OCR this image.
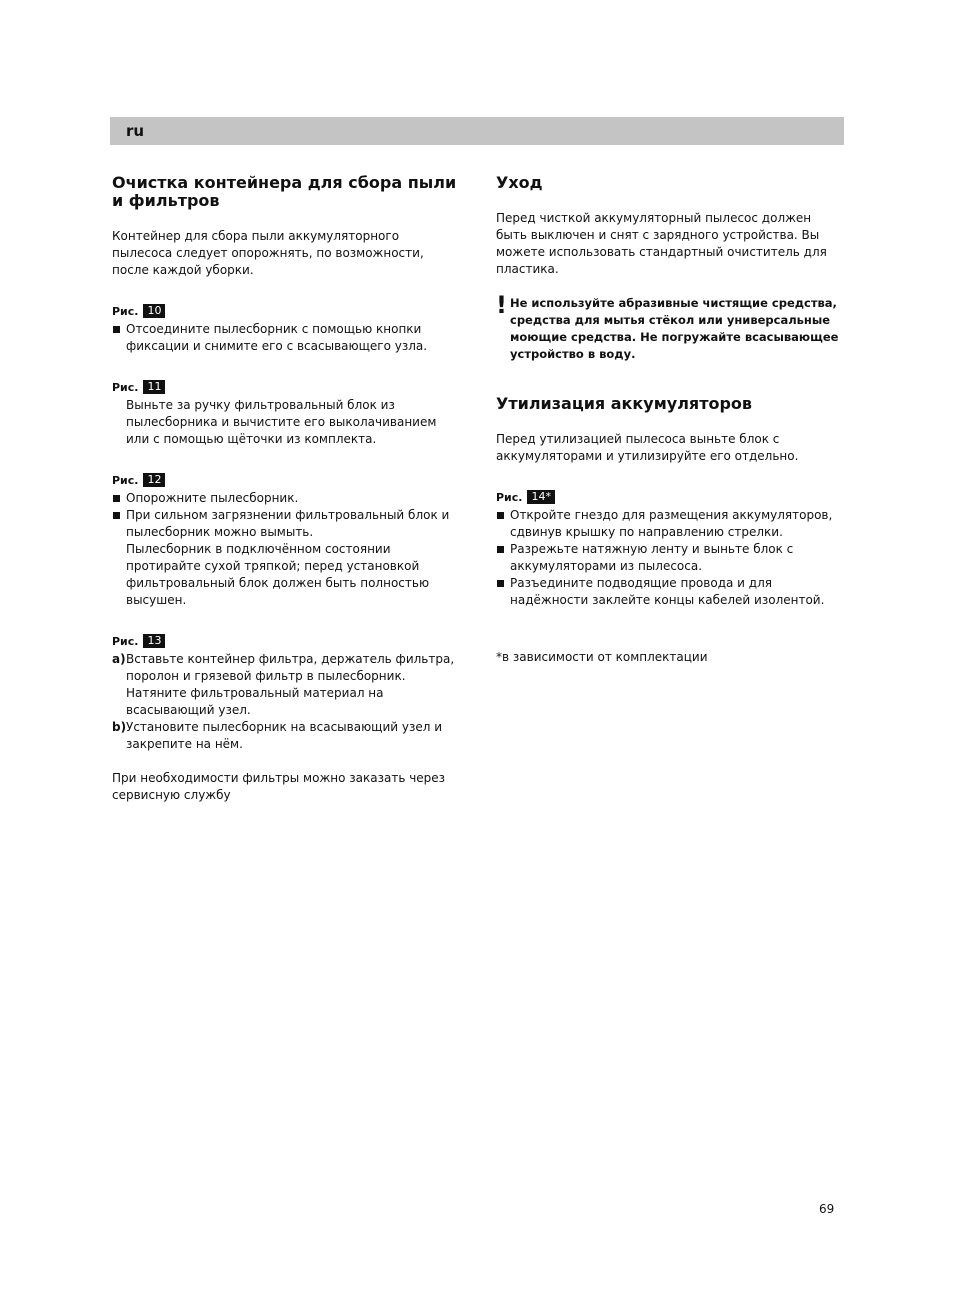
ru
Очистка контейнера для сбора пыли и фильтров

Контейнер для сбора пыли аккумуляторного пылесоса следует опорожнять, по возможности, после каждой уборки.

Рис. 10
Отсоедините пылесборник с помощью кнопки фиксации и снимите его с всасывающего узла.
Рис. 11

Выньте за ручку фильтровальный блок из пылесборника и вычистите его выколачиванием или с помощью щёточки из комплекта.

Рис. 12
Опорожните пылесборник.
При сильном загрязнении фильтровальный блок и пылесборник можно вымыть.
Пылесборник в подключённом состоянии протирайте сухой тряпкой; перед установкой фильтровальный блок должен быть полностью высушен.
Рис. 13
a) Вставьте контейнер фильтра, держатель фильтра, поролон и грязевой фильтр в пылесборник. Натяните фильтровальный материал на всасывающий узел.
b) Установите пылесборник на всасывающий узел и закрепите на нём.

При необходимости фильтры можно заказать через сервисную службу

Уход

Перед чисткой аккумуляторный пылесос должен быть выключен и снят с зарядного устройства. Вы можете использовать стандартный очиститель для пластика.

! Не используйте абразивные чистящие средства, средства для мытья стёкол или универсальные моющие средства. Не погружайте всасывающее устройство в воду.
Утилизация аккумуляторов

Перед утилизацией пылесоса выньте блок с аккумуляторами и утилизируйте его отдельно.

Рис. 14*
Откройте гнездо для размещения аккумуляторов, сдвинув крышку по направлению стрелки.
Разрежьте натяжную ленту и выньте блок с аккумуляторами из пылесоса.
Разъедините подводящие провода и для надёжности заклейте концы кабелей изолентой.

*в зависимости от комплектации

69
